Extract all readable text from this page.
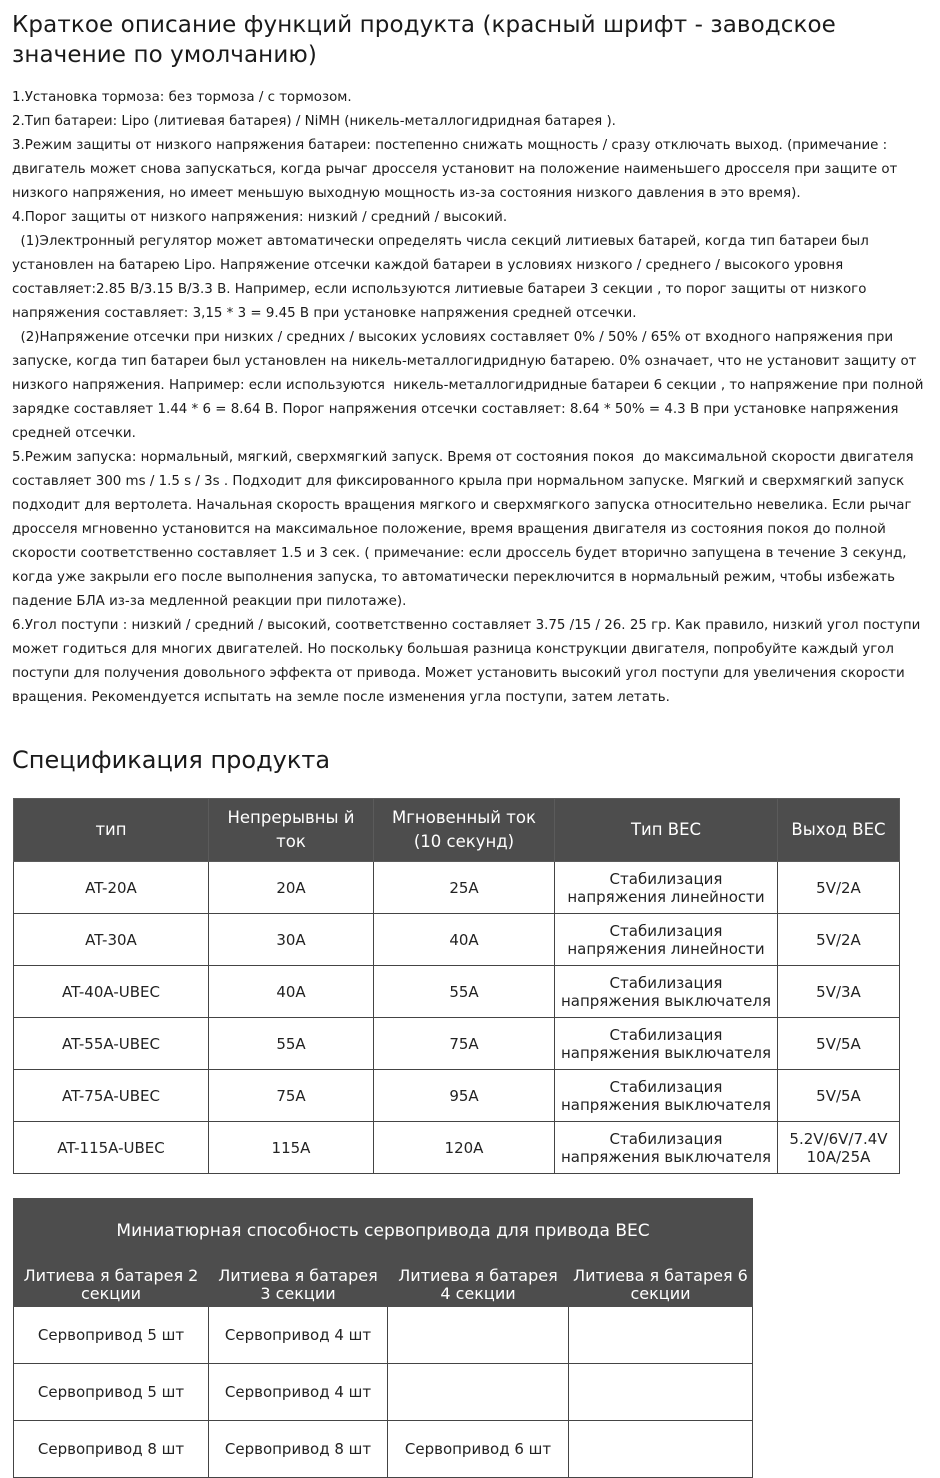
Краткое описание функций продукта (красный шрифт - заводское значение по умолчанию)

1.Установка тормоза: без тормоза / с тормозом.

2.Тип батареи: Lipo (литиевая батарея) / NiMH (никель-металлогидридная батарея ).

3.Режим защиты от низкого напряжения батареи: постепенно снижать мощность / сразу отключать выход. (примечание : двигатель может снова запускаться, когда рычаг дросселя установит на положение наименьшего дросселя при защите от низкого напряжения, но имеет меньшую выходную мощность из-за состояния низкого давления в это время).

4.Порог защиты от низкого напряжения: низкий / средний / высокий.

(1)Электронный регулятор может автоматически определять числа секций литиевых батарей, когда тип батареи был установлен на батарею Lipo. Напряжение отсечки каждой батареи в условиях низкого / среднего / высокого уровня составляет:2.85 В/3.15 В/3.3 В. Например, если используются литиевые батареи 3 секции , то порог защиты от низкого напряжения составляет: 3,15 * 3 = 9.45 В при установке напряжения средней отсечки.

(2)Напряжение отсечки при низких / средних / высоких условиях составляет 0% / 50% / 65% от входного напряжения при запуске, когда тип батареи был установлен на никель-металлогидридную батарею. 0% означает, что не установит защиту от низкого напряжения. Например: если используются  никель-металлогидридные батареи 6 секции , то напряжение при полной зарядке составляет 1.44 * 6 = 8.64 В. Порог напряжения отсечки составляет: 8.64 * 50% = 4.3 В при установке напряжения средней отсечки.

5.Режим запуска: нормальный, мягкий, сверхмягкий запуск. Время от состояния покоя  до максимальной скорости двигателя составляет 300 ms / 1.5 s / 3s . Подходит для фиксированного крыла при нормальном запуске. Мягкий и сверхмягкий запуск подходит для вертолета. Начальная скорость вращения мягкого и сверхмягкого запуска относительно невелика. Если рычаг дросселя мгновенно установится на максимальное положение, время вращения двигателя из состояния покоя до полной скорости соответственно составляет 1.5 и 3 сек. ( примечание: если дроссель будет вторично запущена в течение 3 секунд, когда уже закрыли его после выполнения запуска, то автоматически переключится в нормальный режим, чтобы избежать падение БЛА из-за медленной реакции при пилотаже).

6.Угол поступи : низкий / средний / высокий, соответственно составляет 3.75 /15 / 26. 25 гр. Как правило, низкий угол поступи может годиться для многих двигателей. Но поскольку большая разница конструкции двигателя, попробуйте каждый угол поступи для получения довольного эффекта от привода. Может установить высокий угол поступи для увеличения скорости вращения. Рекомендуется испытать на земле после изменения угла поступи, затем летать.

Спецификация продукта
тип	Непрерывны й ток	Мгновенный ток (10 секунд)	Тип BEC	Выход BEC
AT-20A	20A	25A	Стабилизация напряжения линейности	5V/2A
AT-30A	30A	40A	Стабилизация напряжения линейности	5V/2A
AT-40A-UBEC	40A	55A	Стабилизация напряжения выключателя	5V/3A
AT-55A-UBEC	55A	75A	Стабилизация напряжения выключателя	5V/5A
AT-75A-UBEC	75A	95A	Стабилизация напряжения выключателя	5V/5A
AT-115A-UBEC	115A	120A	Стабилизация напряжения выключателя	5.2V/6V/7.4V 10A/25A
Миниатюрная способность сервопривода для привода BEC			
Литиева я батарея 2 секции	Литиева я батарея 3 секции	Литиева я батарея 4 секции	Литиева я батарея 6 секции
Сервопривод 5 шт	Сервопривод 4 шт		
Сервопривод 5 шт	Сервопривод 4 шт		
Сервопривод 8 шт	Сервопривод 8 шт	Сервопривод 6 шт	
